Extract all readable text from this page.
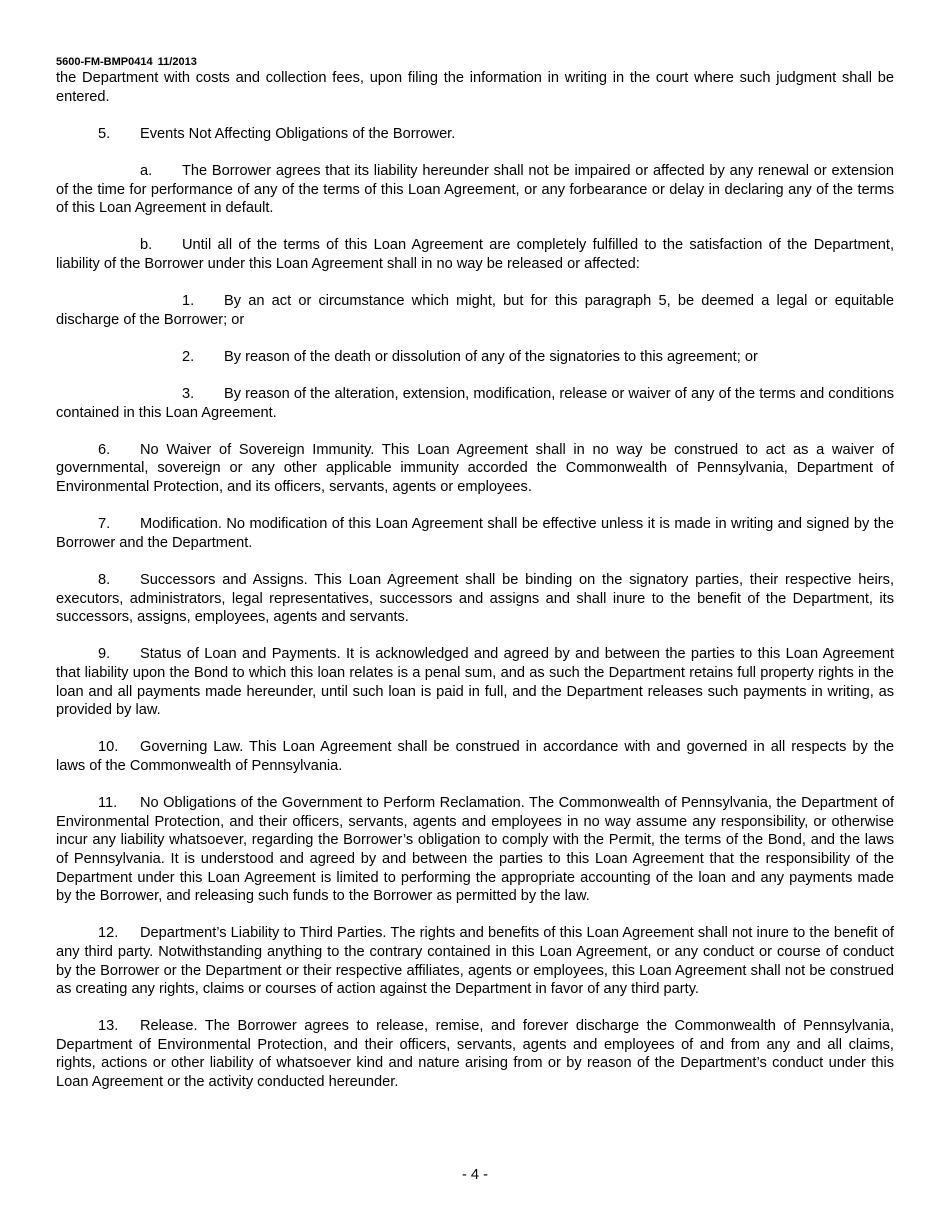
5600-FM-BMP0414 11/2013
the Department with costs and collection fees, upon filing the information in writing in the court where such judgment shall be entered.
5. Events Not Affecting Obligations of the Borrower.
a. The Borrower agrees that its liability hereunder shall not be impaired or affected by any renewal or extension of the time for performance of any of the terms of this Loan Agreement, or any forbearance or delay in declaring any of the terms of this Loan Agreement in default.
b. Until all of the terms of this Loan Agreement are completely fulfilled to the satisfaction of the Department, liability of the Borrower under this Loan Agreement shall in no way be released or affected:
1. By an act or circumstance which might, but for this paragraph 5, be deemed a legal or equitable discharge of the Borrower; or
2. By reason of the death or dissolution of any of the signatories to this agreement; or
3. By reason of the alteration, extension, modification, release or waiver of any of the terms and conditions contained in this Loan Agreement.
6. No Waiver of Sovereign Immunity. This Loan Agreement shall in no way be construed to act as a waiver of governmental, sovereign or any other applicable immunity accorded the Commonwealth of Pennsylvania, Department of Environmental Protection, and its officers, servants, agents or employees.
7. Modification. No modification of this Loan Agreement shall be effective unless it is made in writing and signed by the Borrower and the Department.
8. Successors and Assigns. This Loan Agreement shall be binding on the signatory parties, their respective heirs, executors, administrators, legal representatives, successors and assigns and shall inure to the benefit of the Department, its successors, assigns, employees, agents and servants.
9. Status of Loan and Payments. It is acknowledged and agreed by and between the parties to this Loan Agreement that liability upon the Bond to which this loan relates is a penal sum, and as such the Department retains full property rights in the loan and all payments made hereunder, until such loan is paid in full, and the Department releases such payments in writing, as provided by law.
10. Governing Law. This Loan Agreement shall be construed in accordance with and governed in all respects by the laws of the Commonwealth of Pennsylvania.
11. No Obligations of the Government to Perform Reclamation. The Commonwealth of Pennsylvania, the Department of Environmental Protection, and their officers, servants, agents and employees in no way assume any responsibility, or otherwise incur any liability whatsoever, regarding the Borrower’s obligation to comply with the Permit, the terms of the Bond, and the laws of Pennsylvania. It is understood and agreed by and between the parties to this Loan Agreement that the responsibility of the Department under this Loan Agreement is limited to performing the appropriate accounting of the loan and any payments made by the Borrower, and releasing such funds to the Borrower as permitted by the law.
12. Department’s Liability to Third Parties. The rights and benefits of this Loan Agreement shall not inure to the benefit of any third party. Notwithstanding anything to the contrary contained in this Loan Agreement, or any conduct or course of conduct by the Borrower or the Department or their respective affiliates, agents or employees, this Loan Agreement shall not be construed as creating any rights, claims or courses of action against the Department in favor of any third party.
13. Release. The Borrower agrees to release, remise, and forever discharge the Commonwealth of Pennsylvania, Department of Environmental Protection, and their officers, servants, agents and employees of and from any and all claims, rights, actions or other liability of whatsoever kind and nature arising from or by reason of the Department’s conduct under this Loan Agreement or the activity conducted hereunder.
- 4 -
